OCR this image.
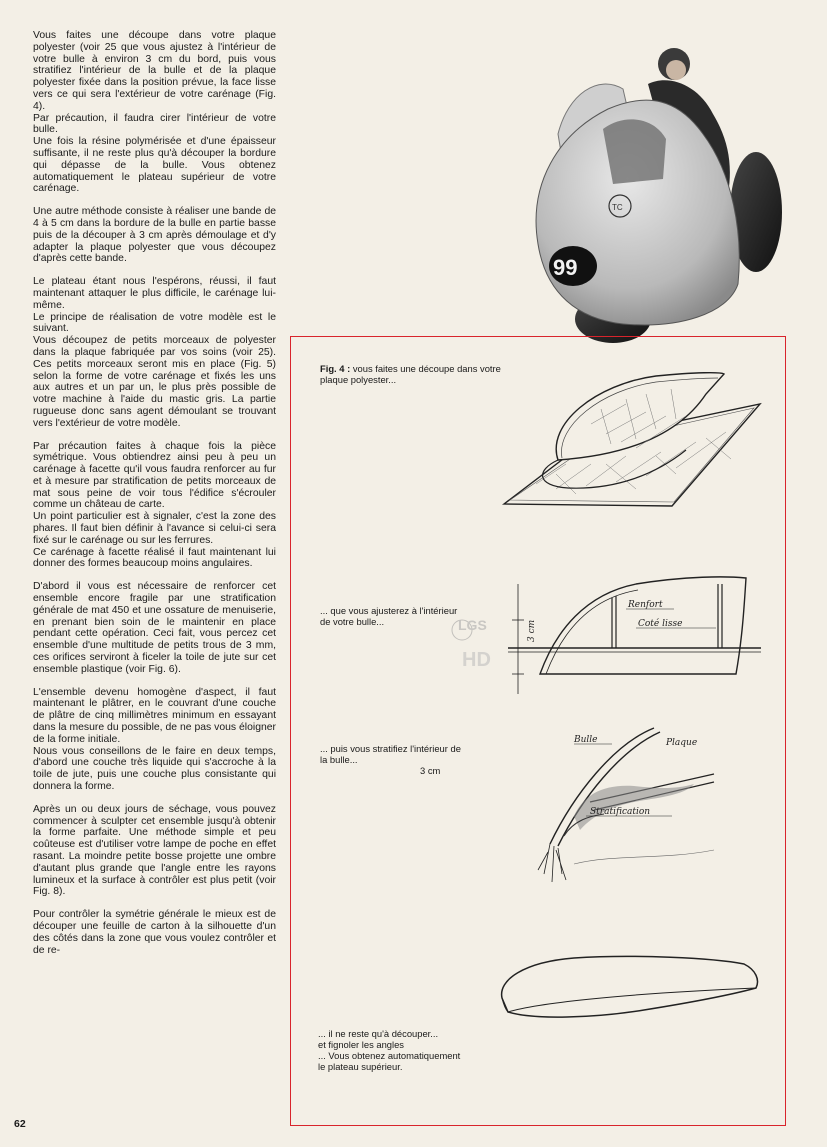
Vous faites une découpe dans votre plaque polyester (voir 25 que vous ajustez à l'intérieur de votre bulle à environ 3 cm du bord, puis vous stratifiez l'intérieur de la bulle et de la plaque polyester fixée dans la position prévue, la face lisse vers ce qui sera l'extérieur de votre carénage (Fig. 4).

Par précaution, il faudra cirer l'intérieur de votre bulle.

Une fois la résine polymérisée et d'une épaisseur suffisante, il ne reste plus qu'à découper la bordure qui dépasse de la bulle. Vous obtenez automatiquement le plateau supérieur de votre carénage.

Une autre méthode consiste à réaliser une bande de 4 à 5 cm dans la bordure de la bulle en partie basse puis de la découper à 3 cm après démoulage et d'y adapter la plaque polyester que vous découpez d'après cette bande.

Le plateau étant nous l'espérons, réussi, il faut maintenant attaquer le plus difficile, le carénage lui-même.

Le principe de réalisation de votre modèle est le suivant.

Vous découpez de petits morceaux de polyester dans la plaque fabriquée par vos soins (voir 25). Ces petits morceaux seront mis en place (Fig. 5) selon la forme de votre carénage et fixés les uns aux autres et un par un, le plus près possible de votre machine à l'aide du mastic gris. La partie rugueuse donc sans agent démoulant se trouvant vers l'extérieur de votre modèle.

Par précaution faites à chaque fois la pièce symétrique. Vous obtiendrez ainsi peu à peu un carénage à facette qu'il vous faudra renforcer au fur et à mesure par stratification de petits morceaux de mat sous peine de voir tous l'édifice s'écrouler comme un château de carte.

Un point particulier est à signaler, c'est la zone des phares. Il faut bien définir à l'avance si celui-ci sera fixé sur le carénage ou sur les ferrures.

Ce carénage à facette réalisé il faut maintenant lui donner des formes beaucoup moins angulaires.

D'abord il vous est nécessaire de renforcer cet ensemble encore fragile par une stratification générale de mat 450 et une ossature de menuiserie, en prenant bien soin de le maintenir en place pendant cette opération. Ceci fait, vous percez cet ensemble d'une multitude de petits trous de 3 mm, ces orifices serviront à ficeler la toile de jute sur cet ensemble plastique (voir Fig. 6).

L'ensemble devenu homogène d'aspect, il faut maintenant le plâtrer, en le couvrant d'une couche de plâtre de cinq millimètres minimum en essayant dans la mesure du possible, de ne pas vous éloigner de la forme initiale.

Nous vous conseillons de le faire en deux temps, d'abord une couche très liquide qui s'accroche à la toile de jute, puis une couche plus consistante qui donnera la forme.

Après un ou deux jours de séchage, vous pouvez commencer à sculpter cet ensemble jusqu'à obtenir la forme parfaite. Une méthode simple et peu coûteuse est d'utiliser votre lampe de poche en effet rasant. La moindre petite bosse projette une ombre d'autant plus grande que l'angle entre les rayons lumineux et la surface à contrôler est plus petit (voir Fig. 8).

Pour contrôler la symétrie générale le mieux est de découper une feuille de carton à la silhouette d'un des côtés dans la zone que vous voulez contrôler et de re-

62
99
TC
Fig. 4 : vous faites une découpe dans votre plaque polyester...
... que vous ajusterez à l'intérieur de votre bulle...
... puis vous stratifiez l'intérieur de la bulle...
3 cm
... il ne reste qu'à découper...
et fignoler les angles
... Vous obtenez automatiquement
le plateau supérieur.
3 cm
Renfort
Coté lisse
Bulle	Plaque
Stratification
LGS
HD
